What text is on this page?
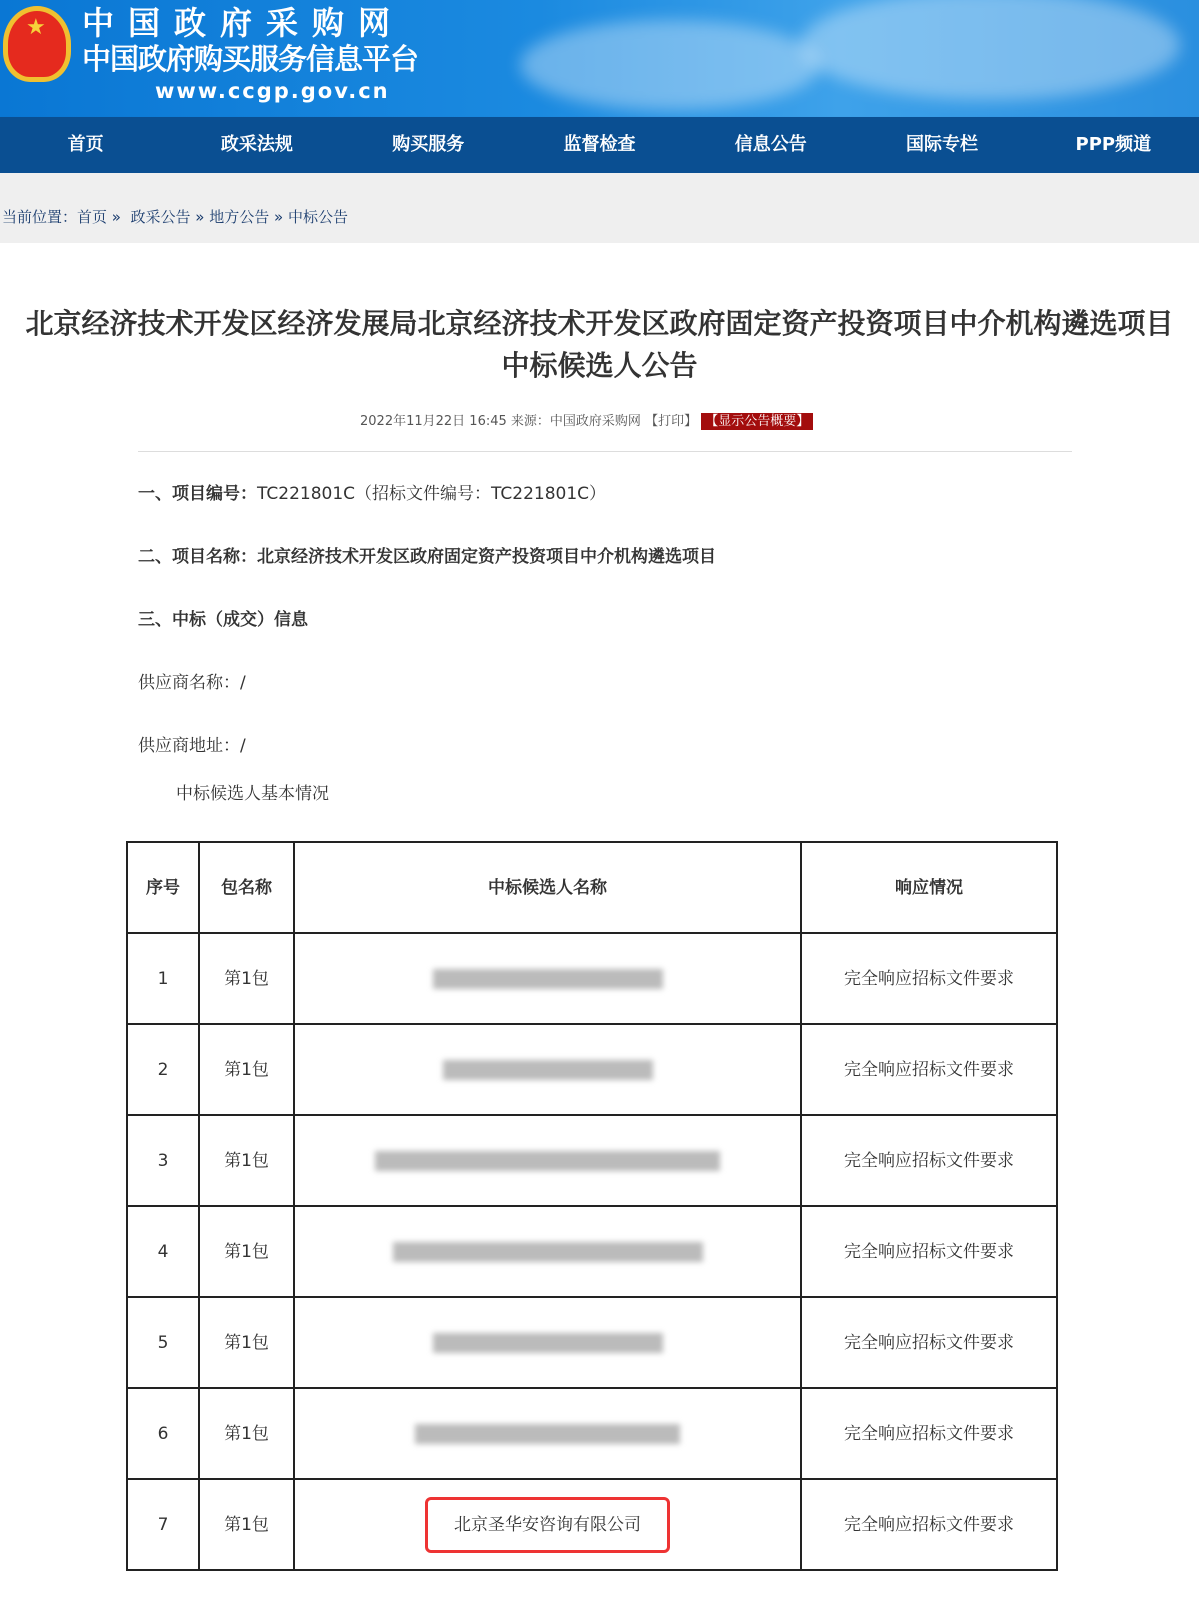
★ 中国政府采购网
中国政府购买服务信息平台
www.ccgp.gov.cn
首页	政采法规	购买服务	监督检查	信息公告	国际专栏	PPP频道
当前位置：首页 »  政采公告 » 地方公告 » 中标公告
北京经济技术开发区经济发展局北京经济技术开发区政府固定资产投资项目中介机构遴选项目中标候选人公告
2022年11月22日 16:45 来源：中国政府采购网 【打印】 【显示公告概要】
一、项目编号：TC221801C（招标文件编号：TC221801C）
二、项目名称：北京经济技术开发区政府固定资产投资项目中介机构遴选项目
三、中标（成交）信息
供应商名称：/
供应商地址：/
中标候选人基本情况
序号	包名称	中标候选人名称	响应情况
1	第1包		完全响应招标文件要求
2	第1包		完全响应招标文件要求
3	第1包		完全响应招标文件要求
4	第1包		完全响应招标文件要求
5	第1包		完全响应招标文件要求
6	第1包		完全响应招标文件要求
7	第1包	北京圣华安咨询有限公司	完全响应招标文件要求
